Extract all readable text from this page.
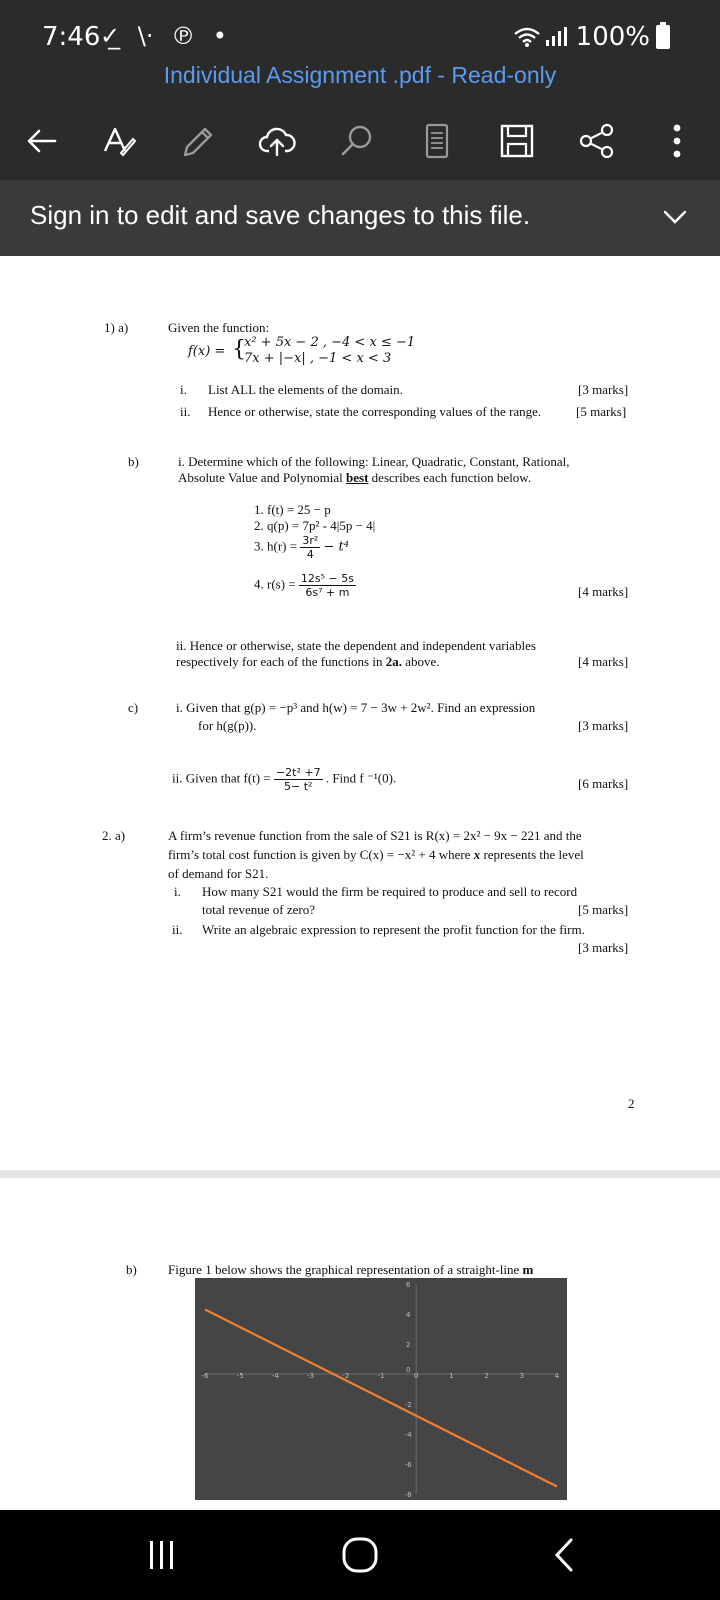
7:46 ✓̲ \· ℗ •	100%
Individual Assignment .pdf - Read-only
Sign in to edit and save changes to this file.
1) a)	Given the function:
f(x) = {
x² + 5x − 2 , −4 < x ≤ −1
7x + |−x| , −1 < x < 3
i. List ALL the elements of the domain.	[3 marks]
ii. Hence or otherwise, state the corresponding values of the range.	[5 marks]
b)	i. Determine which of the following: Linear, Quadratic, Constant, Rational,
Absolute Value and Polynomial best describes each function below.
1. f(t) = 25 − p
2. q(p) = 7p² - 4|5p − 4|
3. $h(r) = \frac{\text{3r²}}{4} - t^4$
4. $r(s) = \frac{\text{12s⁵ − 5s}}{\text{6s⁷ + m}}$	[4 marks]
ii. Hence or otherwise, state the dependent and independent variables
respectively for each of the functions in 2a. above.	[4 marks]
c)	i. Given that g(p) = −p³ and h(w) = 7 − 3w + 2w². Find an expression
for h(g(p)).	[3 marks]
ii. Given that $f(t) = \frac{\text{−2t² +7}}{\text{5− t²}}$ . Find f ⁻¹(0).	[6 marks]
2. a)	A firm’s revenue function from the sale of S21 is R(x) = 2x² − 9x − 221 and the
firm’s total cost function is given by C(x) = −x² + 4 where x represents the level
of demand for S21.
i. How many S21 would the firm be required to produce and sell to record
total revenue of zero?	[5 marks]
ii. Write an algebraic expression to represent the profit function for the firm.
[3 marks]
2
b) Figure 1 below shows the graphical representation of a straight-line m
-6	-5	-4	-3	-2	-1	0	1	2	3	4
6
4
2
0
-2
-4
-6
-8
